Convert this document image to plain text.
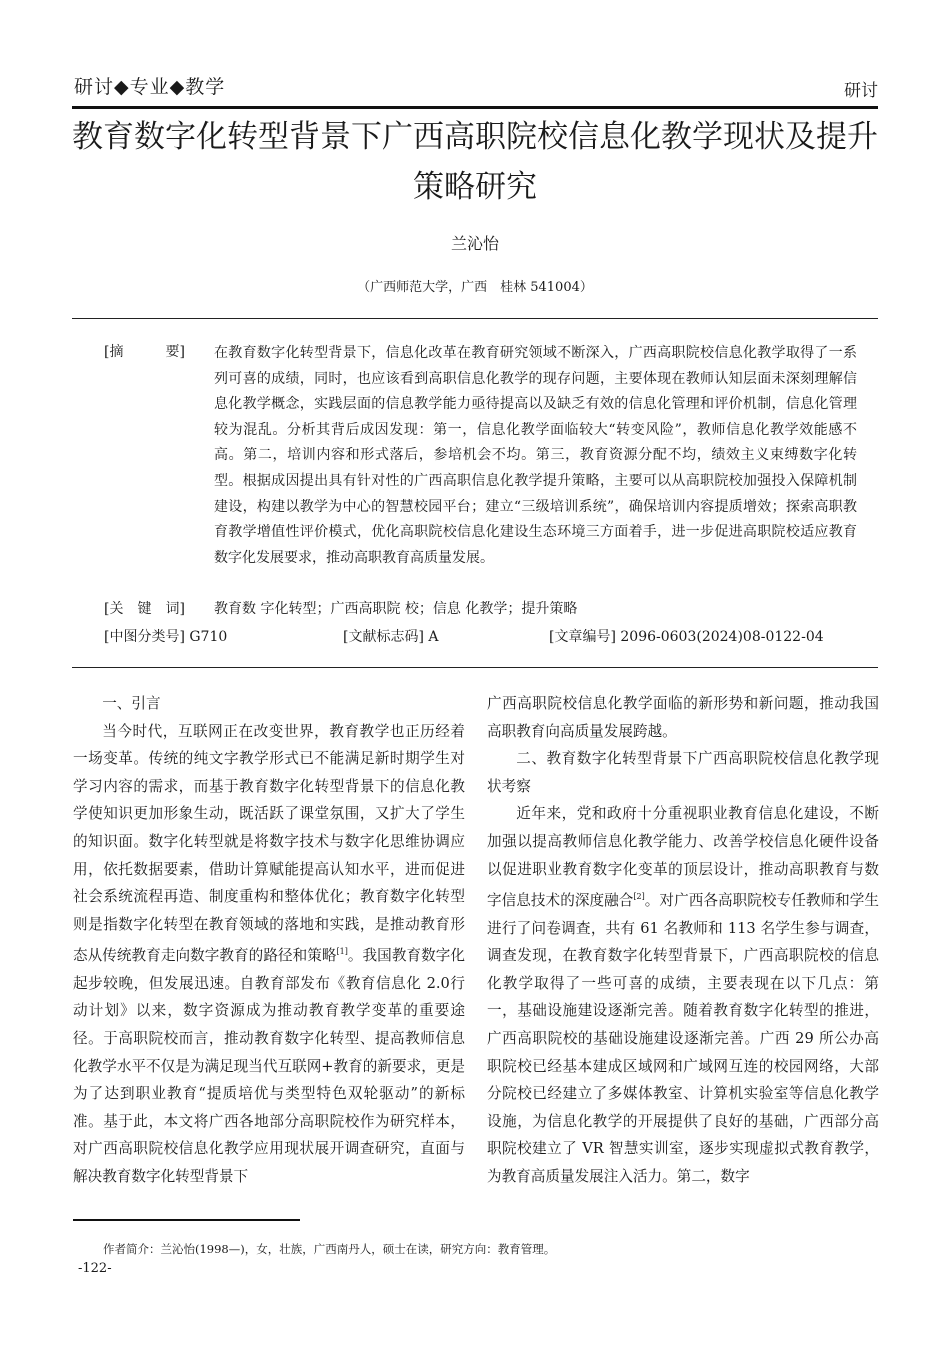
研讨◆专业◆教学	研讨
教育数字化转型背景下广西高职院校信息化教学现状及提升策略研究
兰沁怡
（广西师范大学，广西　桂林 541004）
[摘　　　要] 在教育数字化转型背景下，信息化改革在教育研究领域不断深入，广西高职院校信息化教学取得了一系列可喜的成绩，同时，也应该看到高职信息化教学的现存问题，主要体现在教师认知层面未深刻理解信息化教学概念，实践层面的信息教学能力亟待提高以及缺乏有效的信息化管理和评价机制，信息化管理较为混乱。分析其背后成因发现：第一，信息化教学面临较大“转变风险”，教师信息化教学效能感不高。第二，培训内容和形式落后，参培机会不均。第三，教育资源分配不均，绩效主义束缚数字化转型。根据成因提出具有针对性的广西高职信息化教学提升策略，主要可以从高职院校加强投入保障机制建设，构建以教学为中心的智慧校园平台；建立“三级培训系统”，确保培训内容提质增效；探索高职教育教学增值性评价模式，优化高职院校信息化建设生态环境三方面着手，进一步促进高职院校适应教育数字化发展要求，推动高职教育高质量发展。

[关　键　词] 教育数 字化转型；广西高职院 校；信息 化教学；提升策略
[中图分类号] G710	[文献标志码] A	[文章编号] 2096-0603(2024)08-0122-04

一、引言

当今时代，互联网正在改变世界，教育教学也正历经着一场变革。传统的纯文字教学形式已不能满足新时期学生对学习内容的需求，而基于教育数字化转型背景下的信息化教学使知识更加形象生动，既活跃了课堂氛围，又扩大了学生的知识面。数字化转型就是将数字技术与数字化思维协调应用，依托数据要素，借助计算赋能提高认知水平，进而促进社会系统流程再造、制度重构和整体优化；教育数字化转型则是指数字化转型在教育领域的落地和实践，是推动教育形态从传统教育走向数字教育的路径和策略[1]。我国教育数字化起步较晚，但发展迅速。自教育部发布《教育信息化 2.0行动计划》以来，数字资源成为推动教育教学变革的重要途径。于高职院校而言，推动教育数字化转型、提高教师信息化教学水平不仅是为满足现当代互联网+教育的新要求，更是为了达到职业教育“提质培优与类型特色双轮驱动”的新标准。基于此，本文将广西各地部分高职院校作为研究样本，对广西高职院校信息化教学应用现状展开调查研究，直面与解决教育数字化转型背景下

广西高职院校信息化教学面临的新形势和新问题，推动我国高职教育向高质量发展跨越。

二、教育数字化转型背景下广西高职院校信息化教学现状考察

近年来，党和政府十分重视职业教育信息化建设，不断加强以提高教师信息化教学能力、改善学校信息化硬件设备以促进职业教育数字化变革的顶层设计，推动高职教育与数字信息技术的深度融合[2]。对广西各高职院校专任教师和学生进行了问卷调查，共有 61 名教师和 113 名学生参与调查，调查发现，在教育数字化转型背景下，广西高职院校的信息化教学取得了一些可喜的成绩，主要表现在以下几点：第一，基础设施建设逐渐完善。随着教育数字化转型的推进，广西高职院校的基础设施建设逐渐完善。广西 29 所公办高职院校已经基本建成区域网和广域网互连的校园网络，大部分院校已经建立了多媒体教室、计算机实验室等信息化教学设施，为信息化教学的开展提供了良好的基础，广西部分高职院校建立了 VR 智慧实训室，逐步实现虚拟式教育教学，为教育高质量发展注入活力。第二，数字

作者简介：兰沁怡(1998—)，女，壮族，广西南丹人，硕士在读，研究方向：教育管理。
-122-
